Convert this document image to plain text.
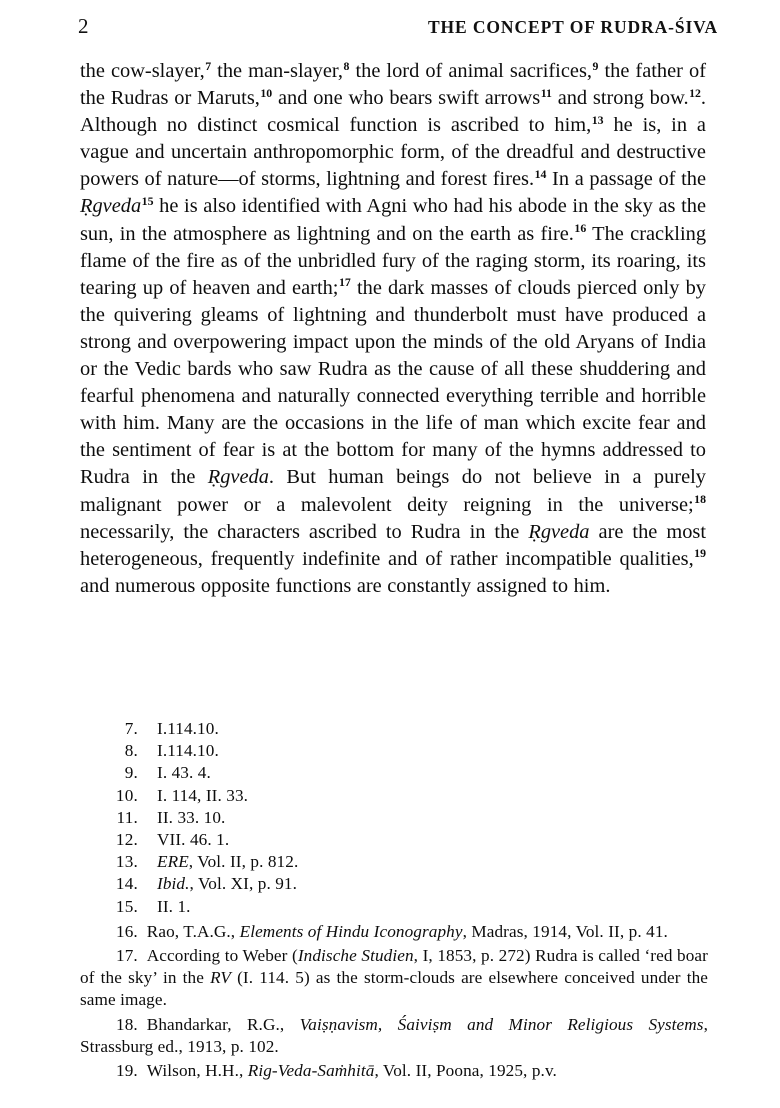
2	THE CONCEPT OF RUDRA-ŚIVA

the cow-slayer,$^7$ the man-slayer,$^8$ the lord of animal sacrifices,$^9$ the father of the Rudras or Maruts,$^{10}$ and one who bears swift arrows$^{11}$ and strong bow.$^{12}$. Although no distinct cosmical function is ascribed to him,$^{13}$ he is, in a vague and uncertain anthropomorphic form, of the dreadful and destructive powers of nature—of storms, lightning and forest fires.$^{14}$ In a passage of the Ṛgveda$^{15}$ he is also identified with Agni who had his abode in the sky as the sun, in the atmosphere as lightning and on the earth as fire.$^{16}$ The crackling flame of the fire as of the unbridled fury of the raging storm, its roaring, its tearing up of heaven and earth;$^{17}$ the dark masses of clouds pierced only by the quivering gleams of lightning and thunderbolt must have produced a strong and overpowering impact upon the minds of the old Aryans of India or the Vedic bards who saw Rudra as the cause of all these shuddering and fearful phenomena and naturally connected everything terrible and horrible with him. Many are the occasions in the life of man which excite fear and the sentiment of fear is at the bottom for many of the hymns addressed to Rudra in the Ṛgveda. But human beings do not believe in a purely malignant power or a malevolent deity reigning in the universe;$^{18}$ necessarily, the characters ascribed to Rudra in the Ṛgveda are the most heterogeneous, frequently indefinite and of rather incompatible qualities,$^{19}$ and numerous opposite functions are constantly assigned to him.

7.	I.114.10.
8.	I.114.10.
9.	I. 43. 4.
10.	I. 114, II. 33.
11.	II. 33. 10.
12.	VII. 46. 1.
13.	ERE, Vol. II, p. 812.
14.	Ibid., Vol. XI, p. 91.
15.	II. 1.

16. Rao, T.A.G., Elements of Hindu Iconography, Madras, 1914, Vol. II, p. 41.

17. According to Weber (Indische Studien, I, 1853, p. 272) Rudra is called ‘red boar of the sky’ in the RV (I. 114. 5) as the storm-clouds are elsewhere conceived under the same image.

18. Bhandarkar, R.G., Vaiṣṇavism, Śaiviṣm and Minor Religious Systems, Strassburg ed., 1913, p. 102.

19. Wilson, H.H., Rig-Veda-Saṁhitā, Vol. II, Poona, 1925, p.v.
